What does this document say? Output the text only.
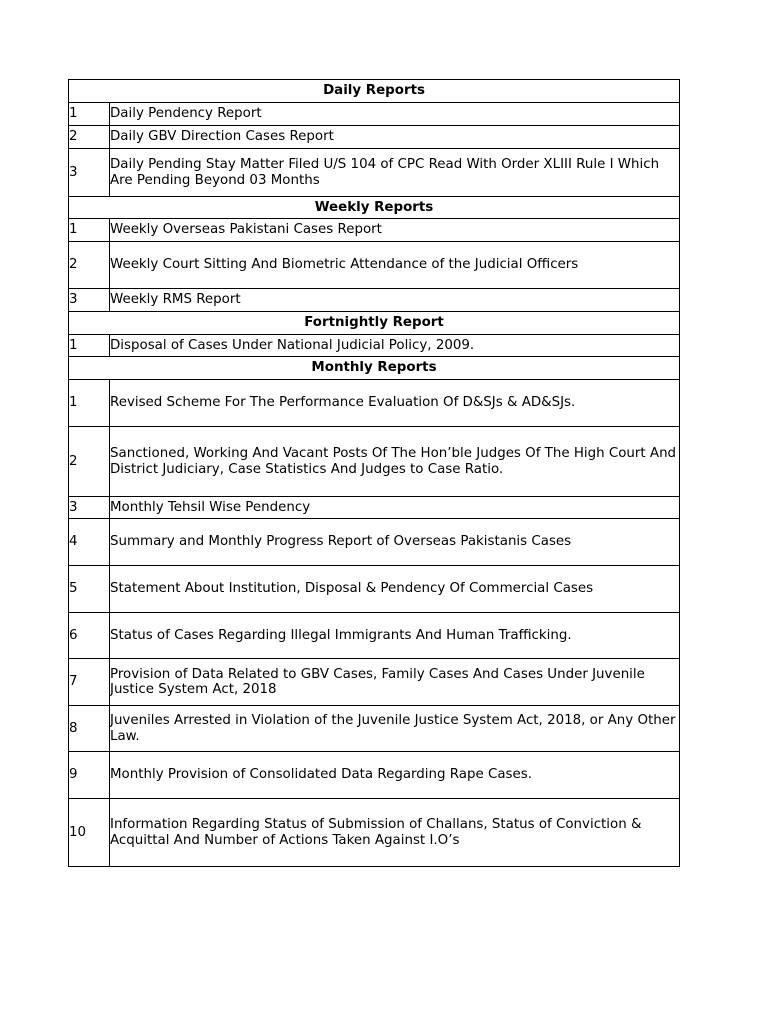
Daily Reports	
1	Daily Pendency Report
2	Daily GBV Direction Cases Report
3	Daily Pending Stay Matter Filed U/S 104 of CPC Read With Order XLIII Rule I Which Are Pending Beyond 03 Months
Weekly Reports	
1	Weekly Overseas Pakistani Cases Report
2	Weekly Court Sitting And Biometric Attendance of the Judicial Officers
3	Weekly RMS Report
Fortnightly Report	
1	Disposal of Cases Under National Judicial Policy, 2009.
Monthly Reports	
1	Revised Scheme For The Performance Evaluation Of D&SJs & AD&SJs.
2	Sanctioned, Working And Vacant Posts Of The Hon’ble Judges Of The High Court And District Judiciary, Case Statistics And Judges to Case Ratio.
3	Monthly Tehsil Wise Pendency
4	Summary and Monthly Progress Report of Overseas Pakistanis Cases
5	Statement About Institution, Disposal & Pendency Of Commercial Cases
6	Status of Cases Regarding Illegal Immigrants And Human Trafficking.
7	Provision of Data Related to GBV Cases, Family Cases And Cases Under Juvenile Justice System Act, 2018
8	Juveniles Arrested in Violation of the Juvenile Justice System Act, 2018, or Any Other Law.
9	Monthly Provision of Consolidated Data Regarding Rape Cases.
10	Information Regarding Status of Submission of Challans, Status of Conviction & Acquittal And Number of Actions Taken Against I.O’s
